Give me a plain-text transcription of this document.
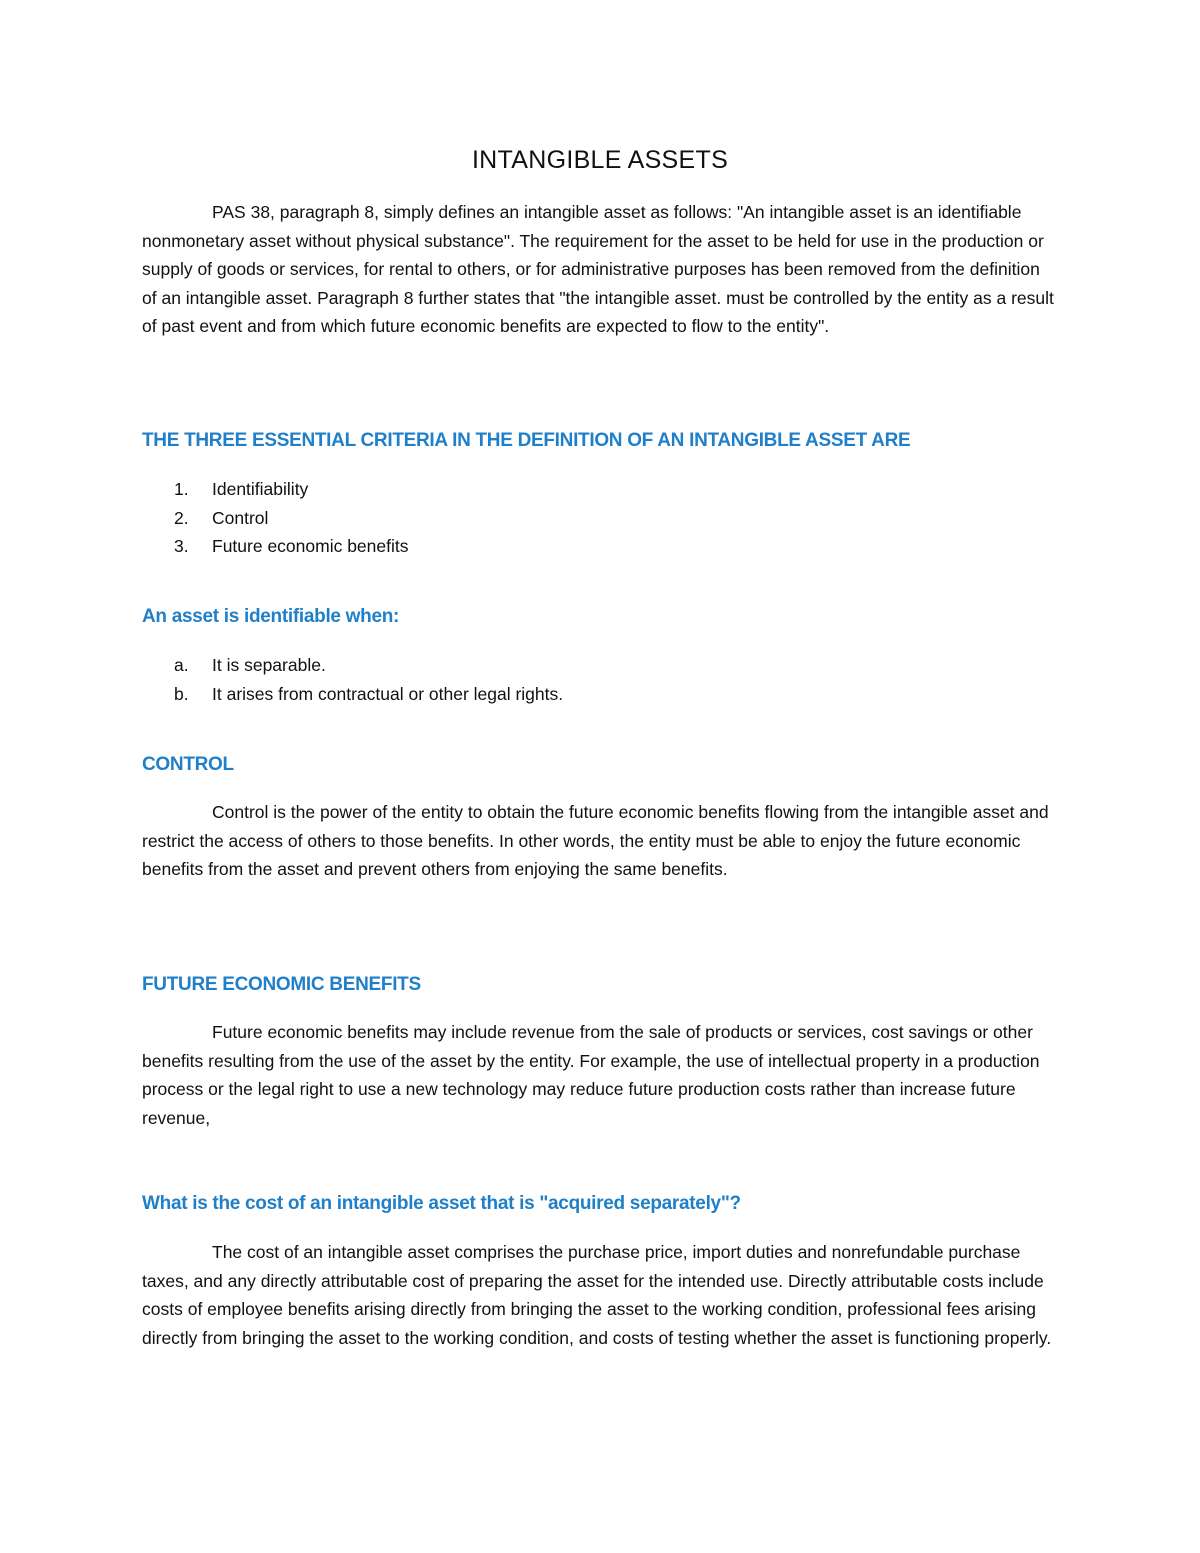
INTANGIBLE ASSETS

PAS 38, paragraph 8, simply defines an intangible asset as follows: "An intangible asset is an identifiable nonmonetary asset without physical substance". The requirement for the asset to be held for use in the production or supply of goods or services, for rental to others, or for administrative purposes has been removed from the definition of an intangible asset. Paragraph 8 further states that "the intangible asset. must be controlled by the entity as a result of past event and from which future economic benefits are expected to flow to the entity".

THE THREE ESSENTIAL CRITERIA IN THE DEFINITION OF AN INTANGIBLE ASSET ARE
1.	Identifiability
2.	Control
3.	Future economic benefits
An asset is identifiable when:
a.	It is separable.
b.	It arises from contractual or other legal rights.
CONTROL

Control is the power of the entity to obtain the future economic benefits flowing from the intangible asset and restrict the access of others to those benefits. In other words, the entity must be able to enjoy the future economic benefits from the asset and prevent others from enjoying the same benefits.

FUTURE ECONOMIC BENEFITS

Future economic benefits may include revenue from the sale of products or services, cost savings or other benefits resulting from the use of the asset by the entity. For example, the use of intellectual property in a production process or the legal right to use a new technology may reduce future production costs rather than increase future revenue,

What is the cost of an intangible asset that is "acquired separately"?

The cost of an intangible asset comprises the purchase price, import duties and nonrefundable purchase taxes, and any directly attributable cost of preparing the asset for the intended use. Directly attributable costs include costs of employee benefits arising directly from bringing the asset to the working condition, professional fees arising directly from bringing the asset to the working condition, and costs of testing whether the asset is functioning properly.
